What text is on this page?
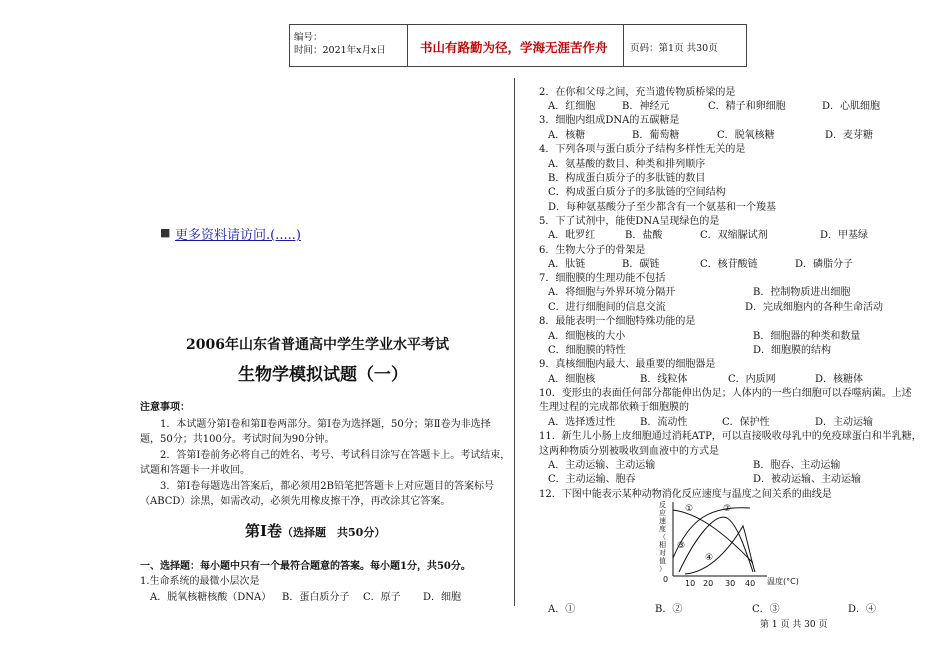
编号：
时间：2021年x月x日	书山有路勤为径，学海无涯苦作舟 页码：第1页 共30页
■ 更多资料请访问.(.....)
2006年山东省普通高中学生学业水平考试
生物学模拟试题（一）
注意事项：
1．本试题分第Ⅰ卷和第Ⅱ卷两部分。第Ⅰ卷为选择题，50分；第Ⅱ卷为非选择
题，50分；共100分。考试时间为90分钟。
2．答第Ⅰ卷前务必将自己的姓名、考号、考试科目涂写在答题卡上。考试结束，
试题和答题卡一并收回。
3．第Ⅰ卷每题选出答案后，都必须用2B铅笔把答题卡上对应题目的答案标号
（ABCD）涂黑，如需改动，必须先用橡皮擦干净，再改涂其它答案。
第Ⅰ卷（选择题　共50分）
一、选择题：每小题中只有一个最符合题意的答案。每小题1分，共50分。
1.生命系统的最微小层次是
A．脱氧核糖核酸（DNA） B．蛋白质分子 C．原子 D．细胞
2．在你和父母之间，充当遗传物质桥梁的是
A．红细胞	B．神经元	C．精子和卵细胞	D．心肌细胞
3．细胞内组成DNA的五碳糖是
A．核糖	B．葡萄糖	C．脱氧核糖	D．麦芽糖
4．下列各项与蛋白质分子结构多样性无关的是
A．氨基酸的数目、种类和排列顺序
B．构成蛋白质分子的多肽链的数目
C．构成蛋白质分子的多肽链的空间结构
D．每种氨基酸分子至少都含有一个氨基和一个羧基
5．下了试剂中，能使DNA呈现绿色的是
A．吡罗红	B．盐酸	C．双缩脲试剂	D．甲基绿
6．生物大分子的骨架是
A．肽链	B．碳链	C．核苷酸链	D．磷脂分子
7．细胞膜的生理功能不包括
A．将细胞与外界环境分隔开	B．控制物质进出细胞
C．进行细胞间的信息交流	D．完成细胞内的各种生命活动
8．最能表明一个细胞特殊功能的是
A．细胞核的大小	B．细胞器的种类和数量
C．细胞膜的特性	D．细胞膜的结构
9．真核细胞内最大、最重要的细胞器是
A．细胞核	B．线粒体	C．内质网	D．核糖体
10．变形虫的表面任何部分都能伸出伪足；人体内的一些白细胞可以吞噬病菌。上述
生理过程的完成都依赖于细胞膜的
A．选择透过性 B．流动性	C．保护性	D．主动运输
11．新生儿小肠上皮细胞通过消耗ATP，可以直接吸收母乳中的免疫球蛋白和半乳糖，
这两种物质分别被吸收到血液中的方式是
A．主动运输、主动运输	B．胞吞、主动运输
C．主动运输、胞吞	D．被动运输、主动运输
12．下图中能表示某种动物消化反应速度与温度之间关系的曲线是
反
应
速
度
（
相
对
值
）
①	②
③
④
0 10 20 30 40 温度(°C)
A．①	B．②	C．③	D．④
第 1 页 共 30 页
